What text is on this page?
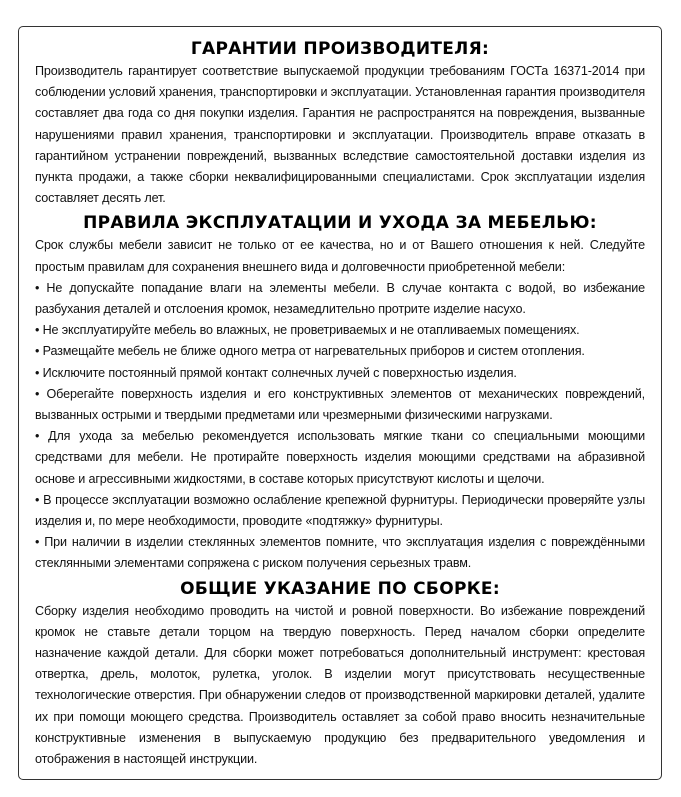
ГАРАНТИИ ПРОИЗВОДИТЕЛЯ:

Производитель гарантирует соответствие выпускаемой продукции требованиям ГОСТа 16371-2014 при соблюдении условий хранения, транспортировки и эксплуатации. Установленная гарантия производителя составляет два года со дня покупки изделия. Гарантия не распространятся на повреждения, вызванные нарушениями правил хранения, транспортировки и эксплуатации. Производитель вправе отказать в гарантийном устранении повреждений, вызванных вследствие самостоятельной доставки изделия из пункта продажи, а также сборки неквалифицированными специалистами. Срок эксплуатации изделия составляет десять лет.

ПРАВИЛА ЭКСПЛУАТАЦИИ И УХОДА ЗА МЕБЕЛЬЮ:

Срок службы мебели зависит не только от ее качества, но и от Вашего отношения к ней. Следуйте простым правилам для сохранения внешнего вида и долговечности приобретенной мебели:

• Не допускайте попадание влаги на элементы мебели. В случае контакта с водой, во избежание разбухания деталей и отслоения кромок, незамедлительно протрите изделие насухо.

• Не эксплуатируйте мебель во влажных, не проветриваемых и не отапливаемых помещениях.

• Размещайте мебель не ближе одного метра от нагревательных приборов и систем отопления.

• Исключите постоянный прямой контакт солнечных лучей с поверхностью изделия.

• Оберегайте поверхность изделия и его конструктивных элементов от механических повреждений, вызванных острыми и твердыми предметами или чрезмерными физическими нагрузками.

• Для ухода за мебелью рекомендуется использовать мягкие ткани со специальными моющими средствами для мебели. Не протирайте поверхность изделия моющими средствами на абразивной основе и агрессивными жидкостями, в составе которых присутствуют кислоты и щелочи.

• В процессе эксплуатации возможно ослабление крепежной фурнитуры. Периодически проверяйте узлы изделия и, по мере необходимости, проводите «подтяжку» фурнитуры.

• При наличии в изделии стеклянных элементов помните, что эксплуатация изделия с повреждёнными стеклянными элементами сопряжена с риском получения серьезных травм.

ОБЩИЕ УКАЗАНИЕ ПО СБОРКЕ:

Сборку изделия необходимо проводить на чистой и ровной поверхности. Во избежание повреждений кромок не ставьте детали торцом на твердую поверхность. Перед началом сборки определите назначение каждой детали. Для сборки может потребоваться дополнительный инструмент: крестовая отвертка, дрель, молоток, рулетка, уголок. В изделии могут присутствовать несущественные технологические отверстия. При обнаружении следов от производственной маркировки деталей, удалите их при помощи моющего средства. Производитель оставляет за собой право вносить незначительные конструктивные изменения в выпускаемую продукцию без предварительного уведомления и отображения в настоящей инструкции.
